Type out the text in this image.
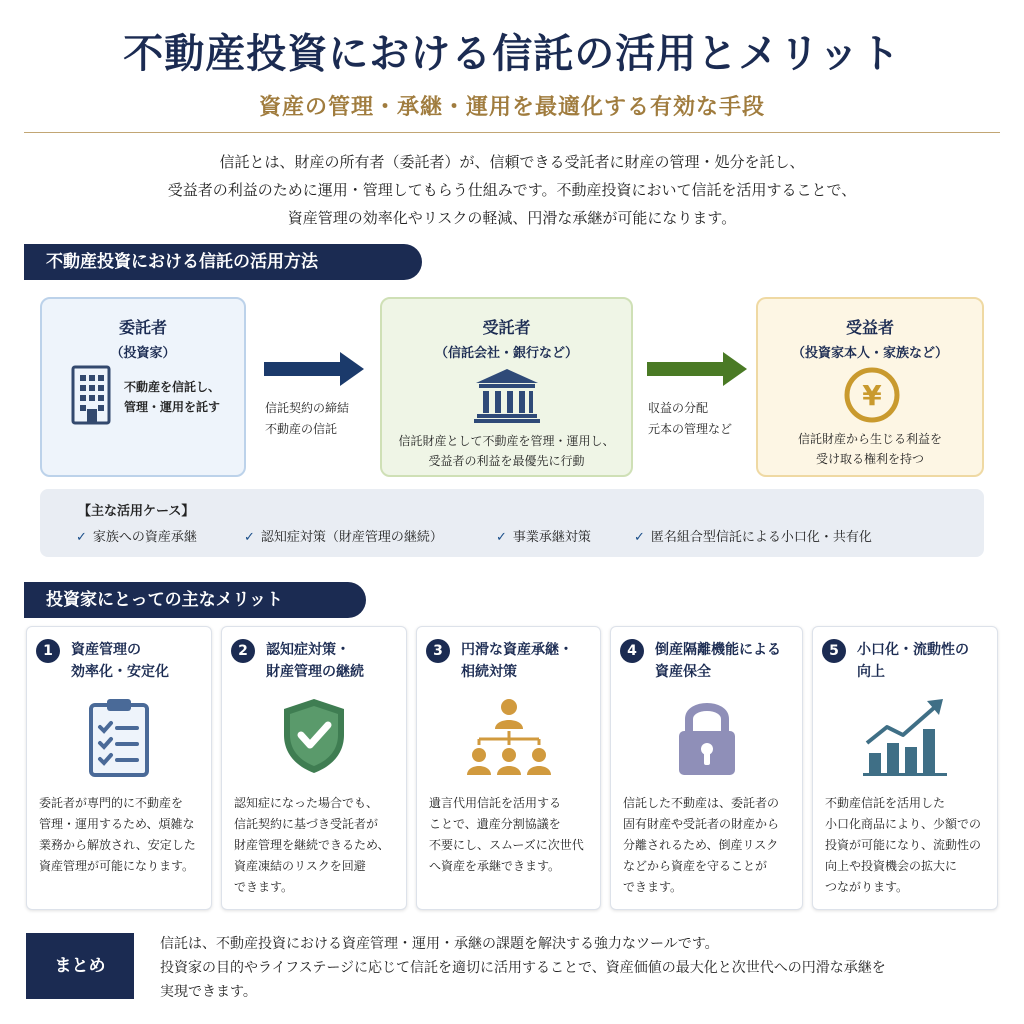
不動産投資における信託の活用とメリット
資産の管理・承継・運用を最適化する有効な手段
信託とは、財産の所有者（委託者）が、信頼できる受託者に財産の管理・処分を託し、
受益者の利益のために運用・管理してもらう仕組みです。不動産投資において信託を活用することで、
資産管理の効率化やリスクの軽減、円滑な承継が可能になります。
不動産投資における信託の活用方法
委託者
（投資家）
不動産を信託し、
管理・運用を託す	信託契約の締結
不動産の信託
受託者
（信託会社・銀行など）
信託財産として不動産を管理・運用し、
受益者の利益を最優先に行動
収益の分配
元本の管理など
受益者
（投資家本人・家族など）
¥
信託財産から生じる利益を
受け取る権利を持つ
【主な活用ケース】
✓ 家族への資産承継	✓ 認知症対策（財産管理の継続）	✓ 事業承継対策	✓ 匿名組合型信託による小口化・共有化
投資家にとっての主なメリット
1	資産管理の
効率化・安定化
委託者が専門的に不動産を
管理・運用するため、煩雑な
業務から解放され、安定した
資産管理が可能になります。
2	認知症対策・
財産管理の継続
認知症になった場合でも、
信託契約に基づき受託者が
財産管理を継続できるため、
資産凍結のリスクを回避
できます。
3	円滑な資産承継・
相続対策
遺言代用信託を活用する
ことで、遺産分割協議を
不要にし、スムーズに次世代
へ資産を承継できます。
4	倒産隔離機能による
資産保全
信託した不動産は、委託者の
固有財産や受託者の財産から
分離されるため、倒産リスク
などから資産を守ることが
できます。
5	小口化・流動性の
向上
不動産信託を活用した
小口化商品により、少額での
投資が可能になり、流動性の
向上や投資機会の拡大に
つながります。
まとめ
信託は、不動産投資における資産管理・運用・承継の課題を解決する強力なツールです。
投資家の目的やライフステージに応じて信託を適切に活用することで、資産価値の最大化と次世代への円滑な承継を
実現できます。
